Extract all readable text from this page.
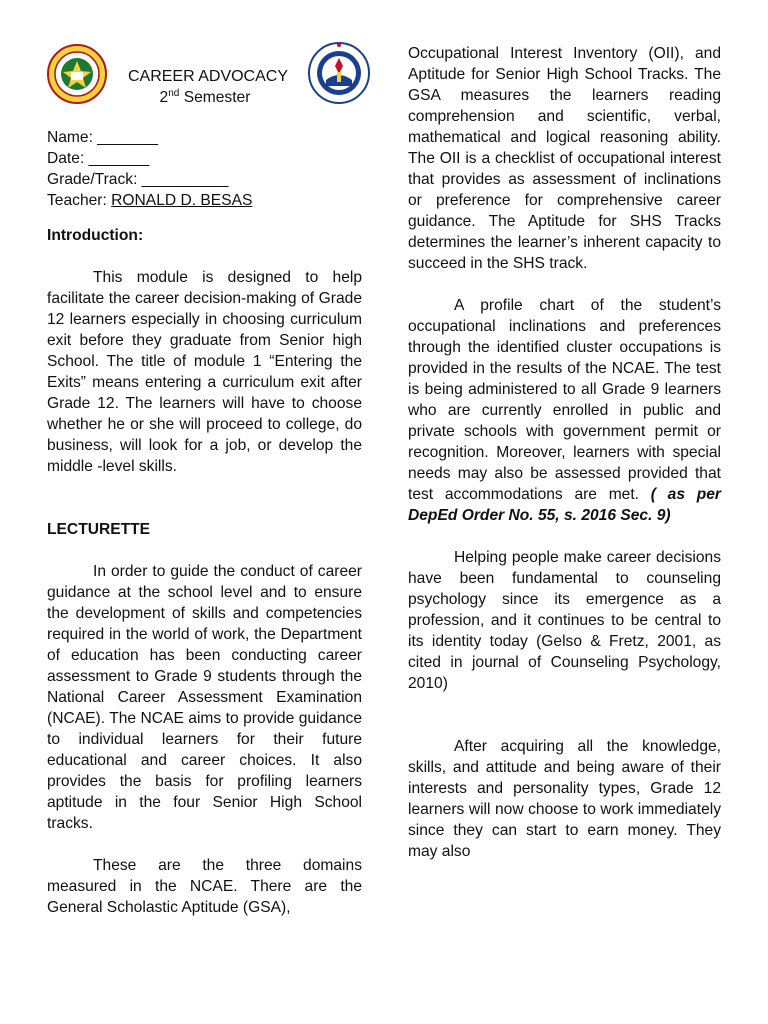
CAREER ADVOCACY
2nd Semester
Name: _______
Date: _______
Grade/Track: __________
Teacher: RONALD D. BESAS
Introduction:

This module is designed to help facilitate the career decision-making of Grade 12 learners especially in choosing curriculum exit before they graduate from Senior high School. The title of module 1 “Entering the Exits” means entering a curriculum exit after Grade 12. The learners will have to choose whether he or she will proceed to college, do business, will look for a job, or develop the middle -level skills.

LECTURETTE

In order to guide the conduct of career guidance at the school level and to ensure the development of skills and competencies required in the world of work, the Department of education has been conducting career assessment to Grade 9 students through the National Career Assessment Examination (NCAE). The NCAE aims to provide guidance to individual learners for their future educational and career choices. It also provides the basis for profiling learners aptitude in the four Senior High School tracks.

These are the three domains measured in the NCAE. There are the General Scholastic Aptitude (GSA),

Occupational Interest Inventory (OII), and Aptitude for Senior High School Tracks. The GSA measures the learners reading comprehension and scientific, verbal, mathematical and logical reasoning ability. The OII is a checklist of occupational interest that provides as assessment of inclinations or preference for comprehensive career guidance. The Aptitude for SHS Tracks determines the learner’s inherent capacity to succeed in the SHS track.

A profile chart of the student’s occupational inclinations and preferences through the identified cluster occupations is provided in the results of the NCAE. The test is being administered to all Grade 9 learners who are currently enrolled in public and private schools with government permit or recognition. Moreover, learners with special needs may also be assessed provided that test accommodations are met. ( as per DepEd Order No. 55, s. 2016 Sec. 9)

Helping people make career decisions have been fundamental to counseling psychology since its emergence as a profession, and it continues to be central to its identity today (Gelso & Fretz, 2001, as cited in journal of Counseling Psychology, 2010)

After acquiring all the knowledge, skills, and attitude and being aware of their interests and personality types, Grade 12 learners will now choose to work immediately since they can start to earn money. They may also
